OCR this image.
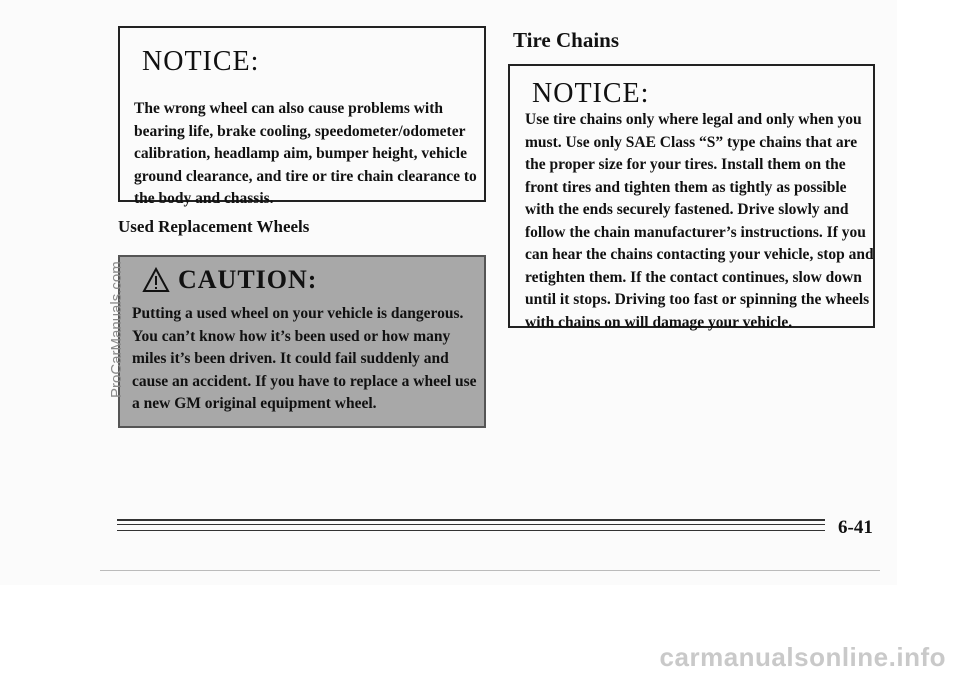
NOTICE:

The wrong wheel can also cause problems with bearing life, brake cooling, speedometer/odometer calibration, headlamp aim, bumper height, vehicle ground clearance, and tire or tire chain clearance to the body and chassis.

Used Replacement Wheels
CAUTION:

Putting a used wheel on your vehicle is dangerous. You can’t know how it’s been used or how many miles it’s been driven. It could fail suddenly and cause an accident. If you have to replace a wheel use a new GM original equipment wheel.

Tire Chains
NOTICE:

Use tire chains only where legal and only when you must. Use only SAE Class “S” type chains that are the proper size for your tires. Install them on the front tires and tighten them as tightly as possible with the ends securely fastened. Drive slowly and follow the chain manufacturer’s instructions. If you can hear the chains contacting your vehicle, stop and retighten them. If the contact continues, slow down until it stops. Driving too fast or spinning the wheels with chains on will damage your vehicle.

6-41
ProCarManuals.com
carmanualsonline.info
